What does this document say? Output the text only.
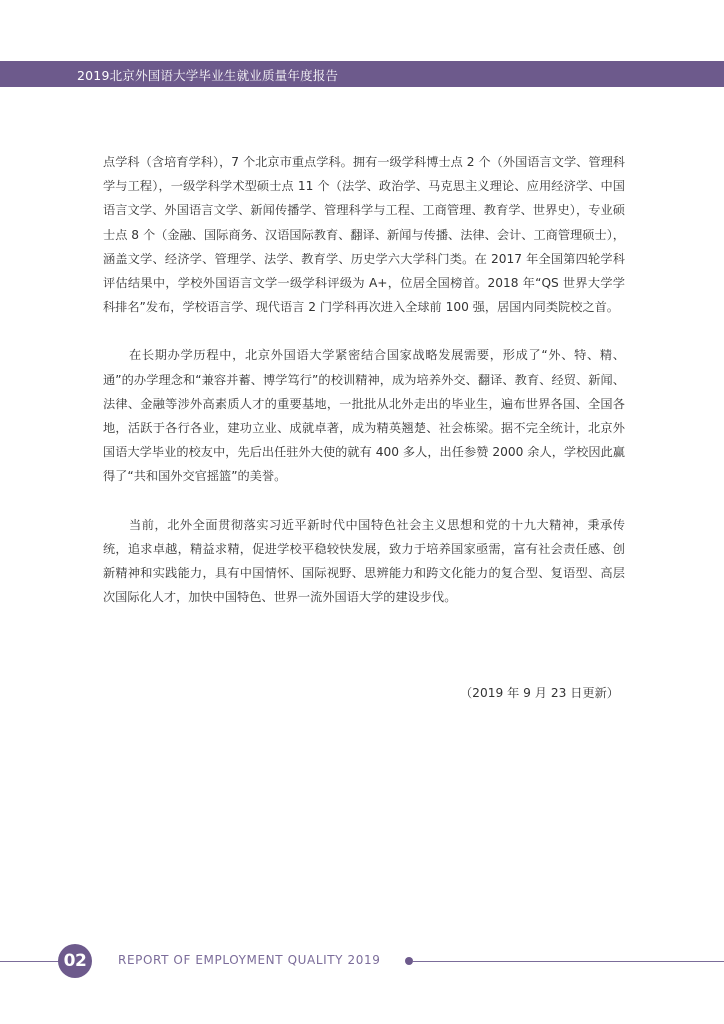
2019北京外国语大学毕业生就业质量年度报告

点学科（含培育学科），7 个北京市重点学科。拥有一级学科博士点 2 个（外国语言文学、管理科学与工程），一级学科学术型硕士点 11 个（法学、政治学、马克思主义理论、应用经济学、中国语言文学、外国语言文学、新闻传播学、管理科学与工程、工商管理、教育学、世界史），专业硕士点 8 个（金融、国际商务、汉语国际教育、翻译、新闻与传播、法律、会计、工商管理硕士），涵盖文学、经济学、管理学、法学、教育学、历史学六大学科门类。在 2017 年全国第四轮学科评估结果中，学校外国语言文学一级学科评级为 A+，位居全国榜首。2018 年“QS 世界大学学科排名”发布，学校语言学、现代语言 2 门学科再次进入全球前 100 强，居国内同类院校之首。

在长期办学历程中，北京外国语大学紧密结合国家战略发展需要，形成了“外、特、精、通”的办学理念和“兼容并蓄、博学笃行”的校训精神，成为培养外交、翻译、教育、经贸、新闻、法律、金融等涉外高素质人才的重要基地，一批批从北外走出的毕业生，遍布世界各国、全国各地，活跃于各行各业，建功立业、成就卓著，成为精英翘楚、社会栋梁。据不完全统计，北京外国语大学毕业的校友中，先后出任驻外大使的就有 400 多人，出任参赞 2000 余人，学校因此赢得了“共和国外交官摇篮”的美誉。

当前，北外全面贯彻落实习近平新时代中国特色社会主义思想和党的十九大精神，秉承传统，追求卓越，精益求精，促进学校平稳较快发展，致力于培养国家亟需，富有社会责任感、创新精神和实践能力，具有中国情怀、国际视野、思辨能力和跨文化能力的复合型、复语型、高层次国际化人才，加快中国特色、世界一流外国语大学的建设步伐。

（2019 年 9 月 23 日更新）
02	REPORT OF EMPLOYMENT QUALITY 2019
